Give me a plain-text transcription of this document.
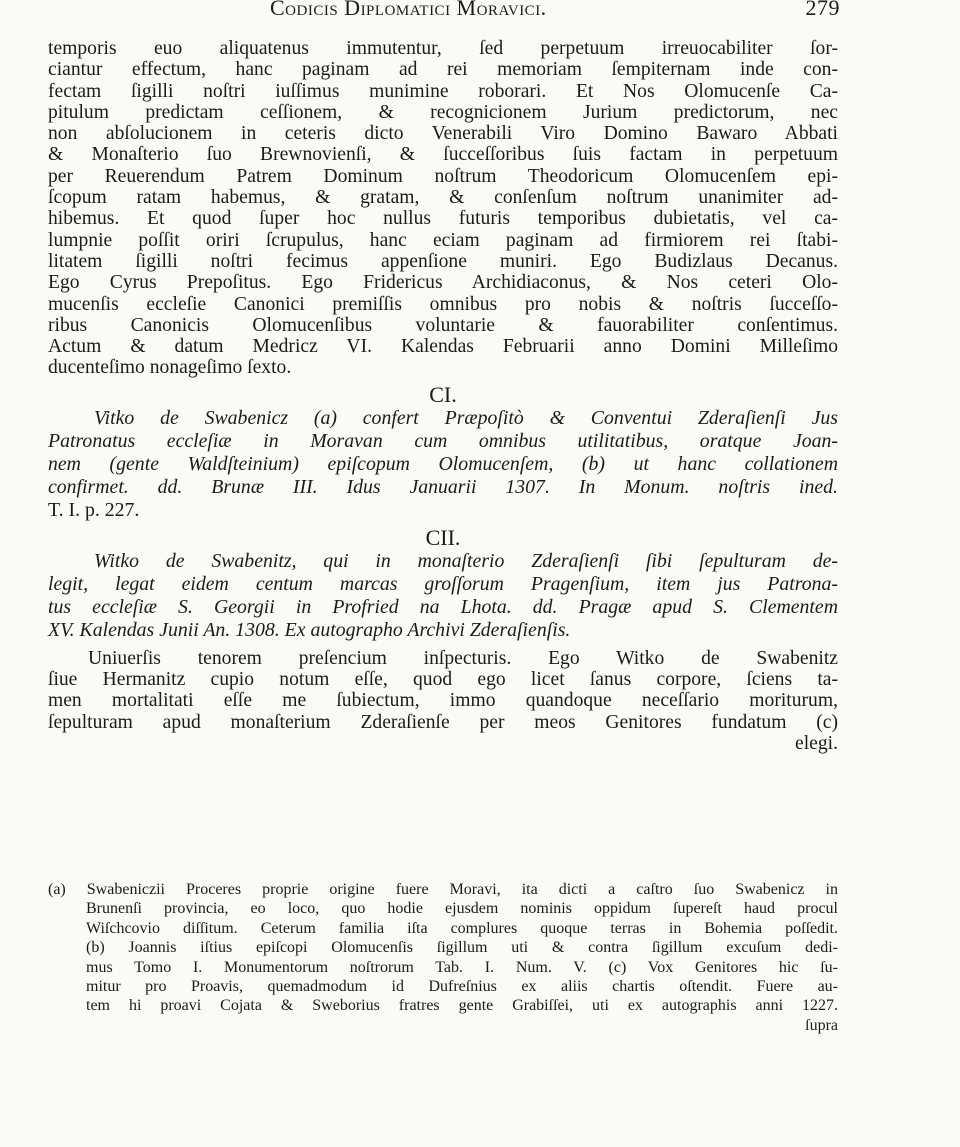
Codicis Diplomatici Moravici.	279
temporis euo aliquatenus immutentur, ſed perpetuum irreuocabiliter ſor-
ciantur effectum, hanc paginam ad rei memoriam ſempiternam inde con-
fectam ſigilli noſtri iuſſimus munimine roborari. Et Nos Olomucenſe Ca-
pitulum predictam ceſſionem, & recognicionem Jurium predictorum, nec
non abſolucionem in ceteris dicto Venerabili Viro Domino Bawaro Abbati
& Monaſterio ſuo Brewnovienſi, & ſucceſſoribus ſuis factam in perpetuum
per Reuerendum Patrem Dominum noſtrum Theodoricum Olomucenſem epi-
ſcopum ratam habemus, & gratam, & conſenſum noſtrum unanimiter ad-
hibemus. Et quod ſuper hoc nullus futuris temporibus dubietatis, vel ca-
lumpnie poſſit oriri ſcrupulus, hanc eciam paginam ad firmiorem rei ſtabi-
litatem ſigilli noſtri fecimus appenſione muniri. Ego Budizlaus Decanus.
Ego Cyrus Prepoſitus. Ego Fridericus Archidiaconus, & Nos ceteri Olo-
mucenſis eccleſie Canonici premiſſis omnibus pro nobis & noſtris ſucceſſo-
ribus Canonicis Olomucenſibus voluntarie & fauorabiliter conſentimus.
Actum & datum Medricz VI. Kalendas Februarii anno Domini Milleſimo
ducenteſimo nonageſimo ſexto.
CI.
Vitko de Swabenicz (a) confert Præpoſitò & Conventui Zderaſienſi Jus
Patronatus eccleſiæ in Moravan cum omnibus utilitatibus, oratque Joan-
nem (gente Waldſteinium) epiſcopum Olomucenſem, (b) ut hanc collationem
confirmet. dd. Brunæ III. Idus Januarii 1307. In Monum. noſtris ined.
T. I. p. 227.
CII.
Witko de Swabenitz, qui in monaſterio Zderaſienſi ſibi ſepulturam de-
legit, legat eidem centum marcas groſſorum Pragenſium, item jus Patrona-
tus eccleſiæ S. Georgii in Profried na Lhota. dd. Pragæ apud S. Clementem
XV. Kalendas Junii An. 1308. Ex autographo Archivi Zderaſienſis.
Uniuerſis tenorem preſencium inſpecturis. Ego Witko de Swabenitz
ſiue Hermanitz cupio notum eſſe, quod ego licet ſanus corpore, ſciens ta-
men mortalitati eſſe me ſubiectum, immo quandoque neceſſario moriturum,
ſepulturam apud monaſterium Zderaſienſe per meos Genitores fundatum (c)
elegi.
(a) Swabeniczii Proceres proprie origine fuere Moravi, ita dicti a caſtro ſuo Swabenicz in
Brunenſi provincia, eo loco, quo hodie ejusdem nominis oppidum ſupereſt haud procul
Wiſchcovio diſſitum. Ceterum familia iſta complures quoque terras in Bohemia poſſedit.
(b) Joannis iſtius epiſcopi Olomucenſis ſigillum uti & contra ſigillum excuſum dedi-
mus Tomo I. Monumentorum noſtrorum Tab. I. Num. V. (c) Vox Genitores hic ſu-
mitur pro Proavis, quemadmodum id Dufreſnius ex aliis chartis oſtendit. Fuere au-
tem hi proavi Cojata & Sweborius fratres gente Grabiſſei, uti ex autographis anni 1227.
ſupra
